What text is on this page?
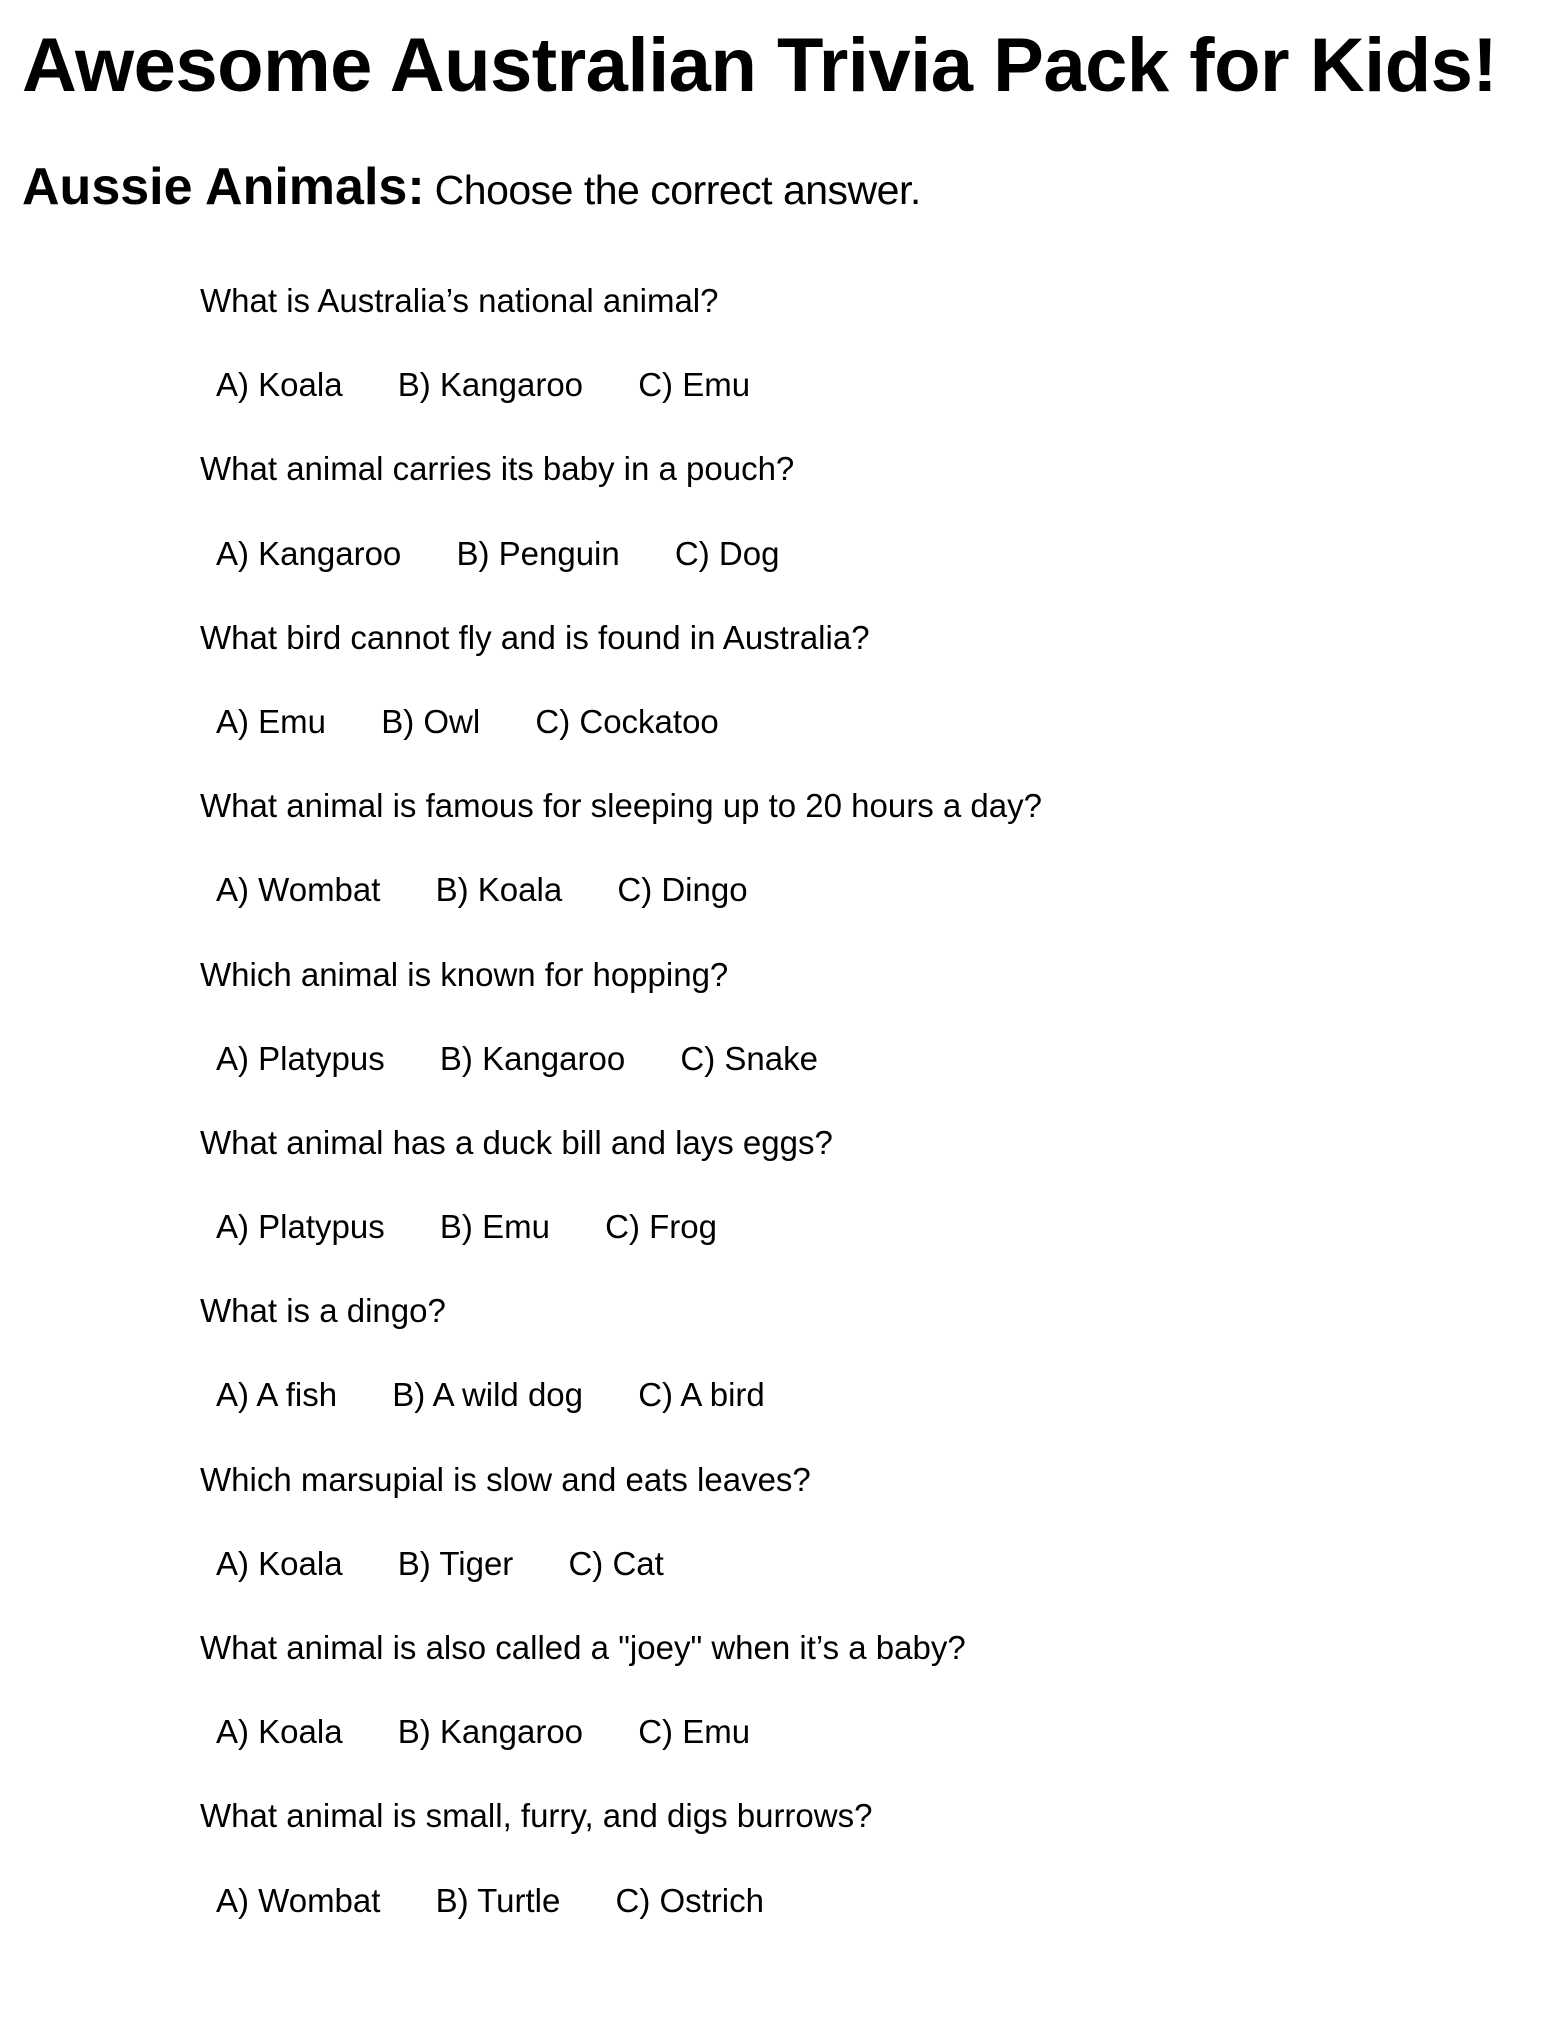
Awesome Australian Trivia Pack for Kids!
Aussie Animals: Choose the correct answer.
What is Australia’s national animal?
A) Koala B) Kangaroo C) Emu
What animal carries its baby in a pouch?
A) Kangaroo B) Penguin C) Dog
What bird cannot fly and is found in Australia?
A) Emu B) Owl C) Cockatoo
What animal is famous for sleeping up to 20 hours a day?
A) Wombat B) Koala C) Dingo
Which animal is known for hopping?
A) Platypus B) Kangaroo C) Snake
What animal has a duck bill and lays eggs?
A) Platypus B) Emu C) Frog
What is a dingo?
A) A fish B) A wild dog C) A bird
Which marsupial is slow and eats leaves?
A) Koala B) Tiger C) Cat
What animal is also called a "joey" when it’s a baby?
A) Koala B) Kangaroo C) Emu
What animal is small, furry, and digs burrows?
A) Wombat B) Turtle C) Ostrich
